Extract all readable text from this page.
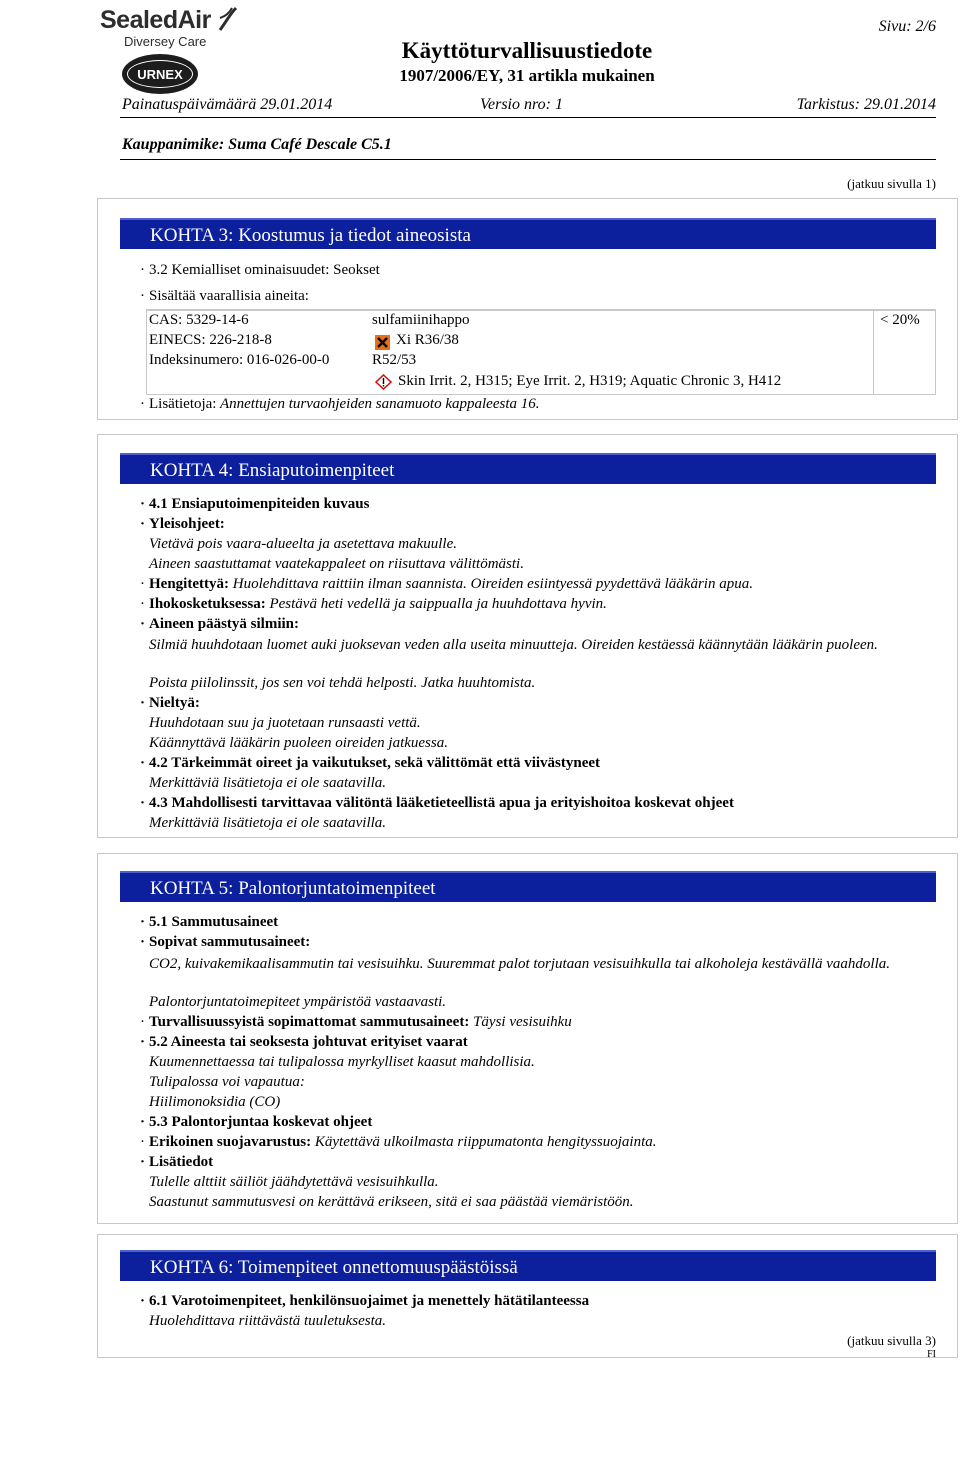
SealedAir
Diversey Care
URNEX
Sivu: 2/6
Käyttöturvallisuustiedote
1907/2006/EY, 31 artikla mukainen
Painatuspäivämäärä 29.01.2014	Versio nro: 1	Tarkistus: 29.01.2014
Kauppanimike: Suma Café Descale C5.1
(jatkuu sivulla 1)
KOHTA 3: Koostumus ja tiedot aineosista
· 3.2 Kemialliset ominaisuudet: Seokset
· Sisältää vaarallisia aineita:
CAS: 5329-14-6
EINECS: 226-218-8
Indeksinumero: 016-026-00-0
sulfamiinihappo
Xi R36/38
R52/53
Skin Irrit. 2, H315; Eye Irrit. 2, H319; Aquatic Chronic 3, H412
< 20%
· Lisätietoja: Annettujen turvaohjeiden sanamuoto kappaleesta 16.
KOHTA 4: Ensiaputoimenpiteet
· 4.1 Ensiaputoimenpiteiden kuvaus
· Yleisohjeet:
Vietävä pois vaara-alueelta ja asetettava makuulle.
Aineen saastuttamat vaatekappaleet on riisuttava välittömästi.
· Hengitettyä: Huolehdittava raittiin ilman saannista. Oireiden esiintyessä pyydettävä lääkärin apua.
· Ihokosketuksessa: Pestävä heti vedellä ja saippualla ja huuhdottava hyvin.
· Aineen päästyä silmiin:
Silmiä huuhdotaan luomet auki juoksevan veden alla useita minuutteja. Oireiden kestäessä käännytään lääkärin puoleen.
Poista piilolinssit, jos sen voi tehdä helposti. Jatka huuhtomista.
· Nieltyä:
Huuhdotaan suu ja juotetaan runsaasti vettä.
Käännyttävä lääkärin puoleen oireiden jatkuessa.
· 4.2 Tärkeimmät oireet ja vaikutukset, sekä välittömät että viivästyneet
Merkittäviä lisätietoja ei ole saatavilla.
· 4.3 Mahdollisesti tarvittavaa välitöntä lääketieteellistä apua ja erityishoitoa koskevat ohjeet
Merkittäviä lisätietoja ei ole saatavilla.
KOHTA 5: Palontorjuntatoimenpiteet
· 5.1 Sammutusaineet
· Sopivat sammutusaineet:
CO2, kuivakemikaalisammutin tai vesisuihku. Suuremmat palot torjutaan vesisuihkulla tai alkoholeja kestävällä vaahdolla.
Palontorjuntatoimepiteet ympäristöä vastaavasti.
· Turvallisuussyistä sopimattomat sammutusaineet: Täysi vesisuihku
· 5.2 Aineesta tai seoksesta johtuvat erityiset vaarat
Kuumennettaessa tai tulipalossa myrkylliset kaasut mahdollisia.
Tulipalossa voi vapautua:
Hiilimonoksidia (CO)
· 5.3 Palontorjuntaa koskevat ohjeet
· Erikoinen suojavarustus: Käytettävä ulkoilmasta riippumatonta hengityssuojainta.
· Lisätiedot
Tulelle alttiit säiliöt jäähdytettävä vesisuihkulla.
Saastunut sammutusvesi on kerättävä erikseen, sitä ei saa päästää viemäristöön.
KOHTA 6: Toimenpiteet onnettomuuspäästöissä
· 6.1 Varotoimenpiteet, henkilönsuojaimet ja menettely hätätilanteessa
Huolehdittava riittävästä tuuletuksesta.
(jatkuu sivulla 3)
FI
